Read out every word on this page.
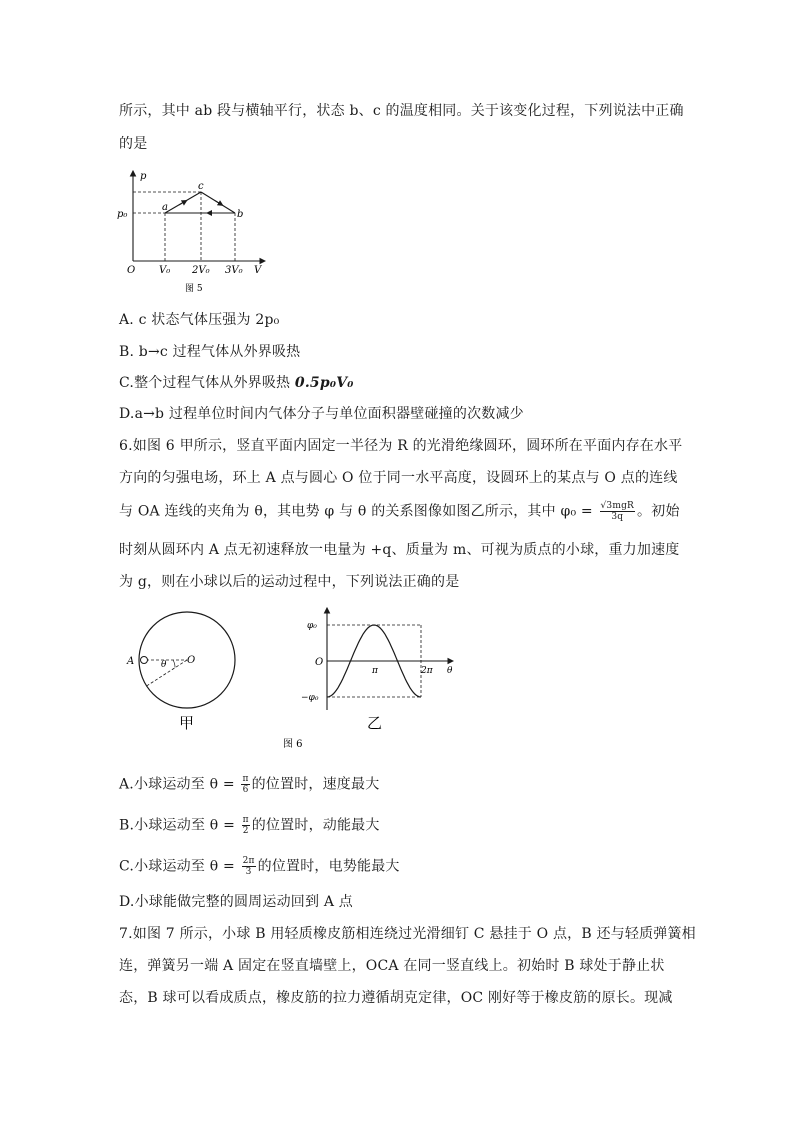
所示，其中 ab 段与横轴平行，状态 b、c 的温度相同。关于该变化过程，下列说法中正确
的是
p
V
O
p₀
a
b
c
V₀ 2V₀ 3V₀
图 5
A. c 状态气体压强为 2p₀
B. b→c 过程气体从外界吸热
C.整个过程气体从外界吸热 0.5p₀V₀
D.a→b 过程单位时间内气体分子与单位面积器壁碰撞的次数减少
6.如图 6 甲所示，竖直平面内固定一半径为 R 的光滑绝缘圆环，圆环所在平面内存在水平
方向的匀强电场，环上 A 点与圆心 O 位于同一水平高度，设圆环上的某点与 O 点的连线
与 OA 连线的夹角为 θ，其电势 φ 与 θ 的关系图像如图乙所示，其中 $\varphi_0 = \frac{\text{√3mgR}}{3q}$ 。初始
时刻从圆环内 A 点无初速释放一电量为 +q、质量为 m、可视为质点的小球，重力加速度
为 g，则在小球以后的运动过程中，下列说法正确的是
A	O
θ
甲
φ₀
O
−φ₀
π	2π θ
乙
图 6
A.小球运动至 $\theta = \frac{\pi}{6}$ 的位置时，速度最大
B.小球运动至 $\theta = \frac{\pi}{2}$ 的位置时，动能最大
C.小球运动至 $\theta = \frac{2\pi}{3}$ 的位置时，电势能最大
D.小球能做完整的圆周运动回到 A 点
7.如图 7 所示，小球 B 用轻质橡皮筋相连绕过光滑细钉 C 悬挂于 O 点，B 还与轻质弹簧相
连，弹簧另一端 A 固定在竖直墙壁上，OCA 在同一竖直线上。初始时 B 球处于静止状
态，B 球可以看成质点，橡皮筋的拉力遵循胡克定律，OC 刚好等于橡皮筋的原长。现减
